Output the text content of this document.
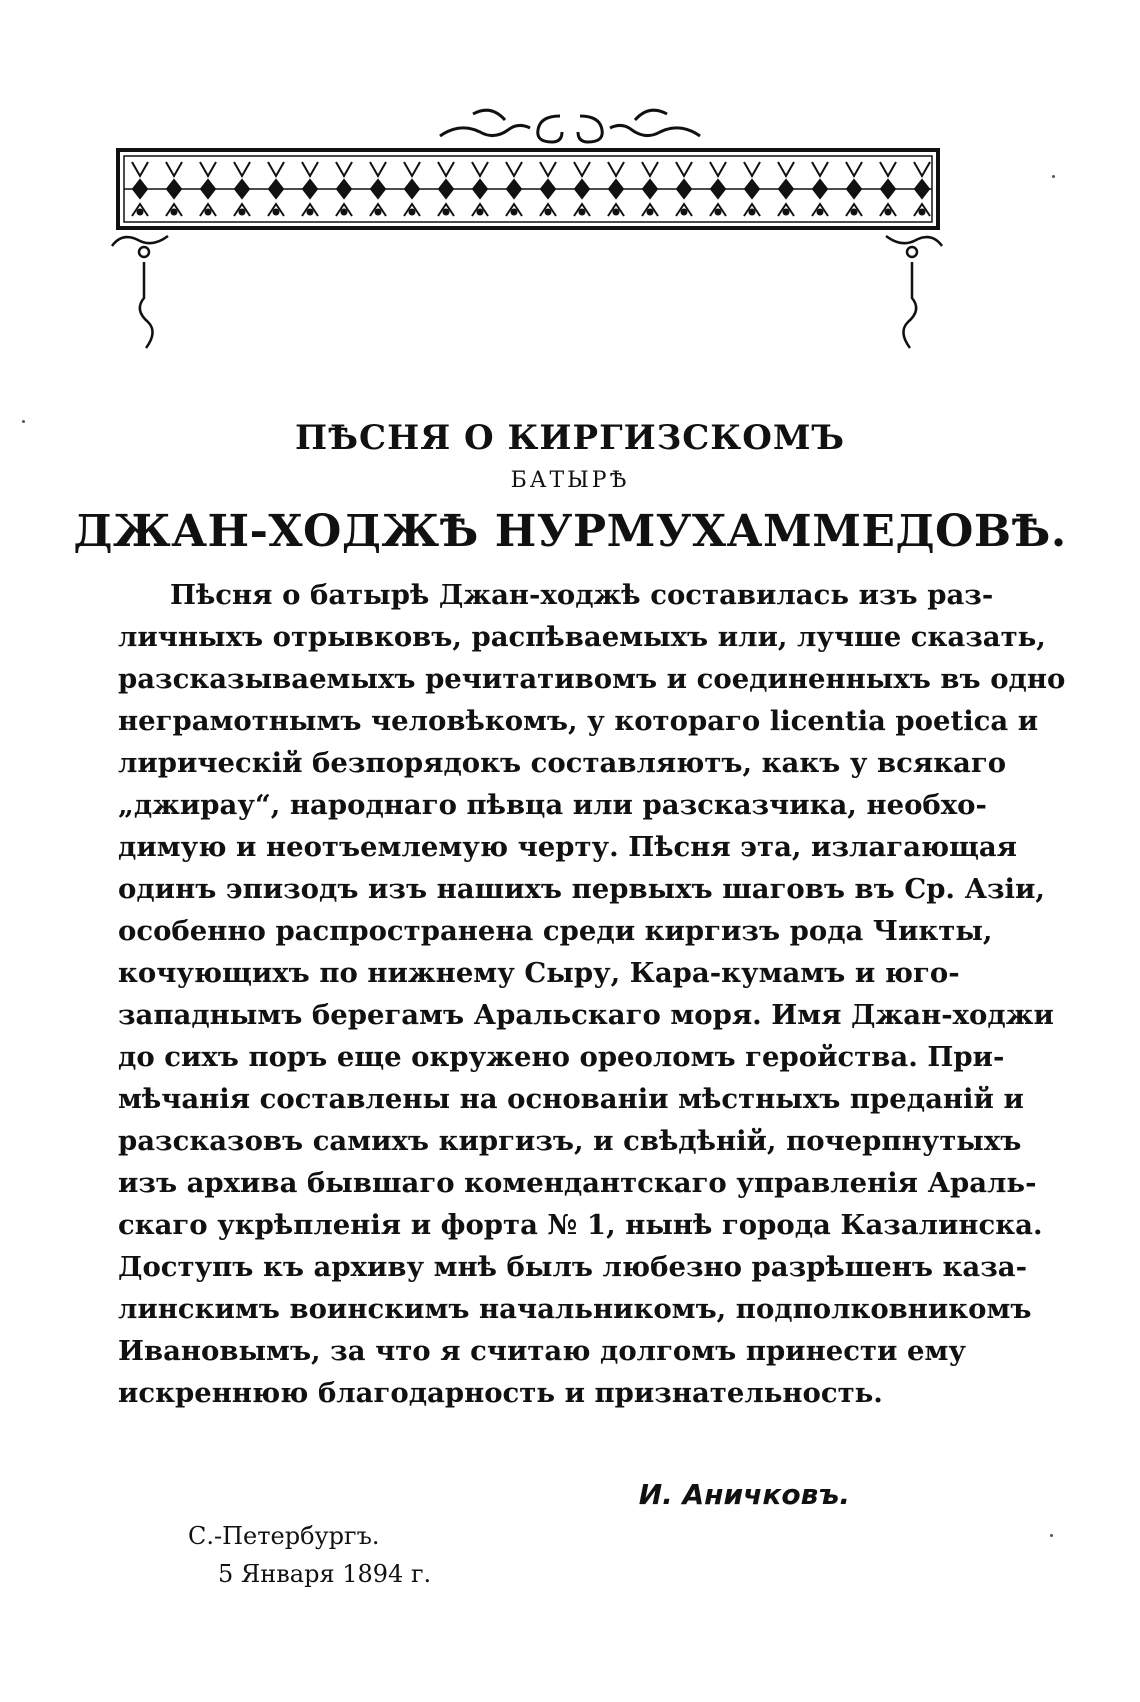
ПѢСНЯ О КИРГИЗСКОМЪ
БАТЫРѢ
ДЖАН-ХОДЖѢ НУРМУХАММЕДОВѢ.
Пѣсня о батырѣ Джан-ходжѣ составилась изъ раз-
личныхъ отрывковъ, распѣваемыхъ или, лучше сказать,
разсказываемыхъ речитативомъ и соединенныхъ въ одно
неграмотнымъ человѣкомъ, у котораго licentia poetica и
лирическій безпорядокъ составляютъ, какъ у всякаго
„джирау“, народнаго пѣвца или разсказчика, необхо-
димую и неотъемлемую черту. Пѣсня эта, излагающая
одинъ эпизодъ изъ нашихъ первыхъ шаговъ въ Ср. Азіи,
особенно распространена среди киргизъ рода Чикты,
кочующихъ по нижнему Сыру, Кара-кумамъ и юго-
западнымъ берегамъ Аральскаго моря. Имя Джан-ходжи
до сихъ поръ еще окружено ореоломъ геройства. При-
мѣчанія составлены на основаніи мѣстныхъ преданій и
разсказовъ самихъ киргизъ, и свѣдѣній, почерпнутыхъ
изъ архива бывшаго комендантскаго управленія Араль-
скаго укрѣпленія и форта № 1, нынѣ города Казалинска.
Доступъ къ архиву мнѣ былъ любезно разрѣшенъ каза-
линскимъ воинскимъ начальникомъ, подполковникомъ
Ивановымъ, за что я считаю долгомъ принести ему
искреннюю благодарность и признательность.
И. Аничковъ.
С.-Петербургъ.
5 Января 1894 г.
